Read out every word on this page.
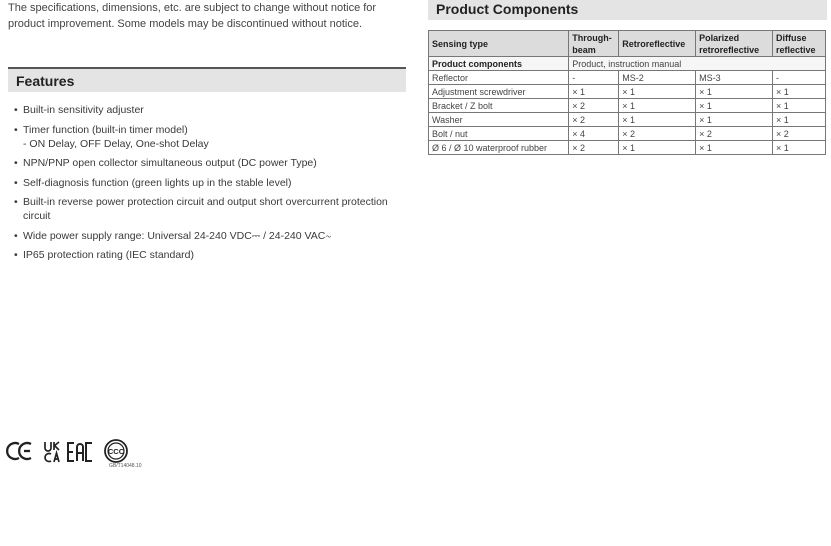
The specifications, dimensions, etc. are subject to change without notice for product improvement. Some models may be discontinued without notice.
Features
• Built-in sensitivity adjuster
• Timer function (built-in timer model)
- ON Delay, OFF Delay, One-shot Delay
• NPN/PNP open collector simultaneous output (DC power Type)
• Self-diagnosis function (green lights up in the stable level)
• Built-in reverse power protection circuit and output short overcurrent protection circuit
• Wide power supply range: Universal 24-240 VDC⎓ / 24-240 VAC∼
• IP65 protection rating (IEC standard)
Product Components
Sensing type	Through-beam	Retroreflective	Polarized retroreflective	Diffuse reflective
Product components	Product, instruction manual			
Reflector	-	MS-2	MS-3	-
Adjustment screwdriver	× 1	× 1	× 1	× 1
Bracket / Z bolt	× 2	× 1	× 1	× 1
Washer	× 2	× 1	× 1	× 1
Bolt / nut	× 4	× 2	× 2	× 2
Ø 6 / Ø 10 waterproof rubber	× 2	× 1	× 1	× 1
CCC
GB/T14048.10
